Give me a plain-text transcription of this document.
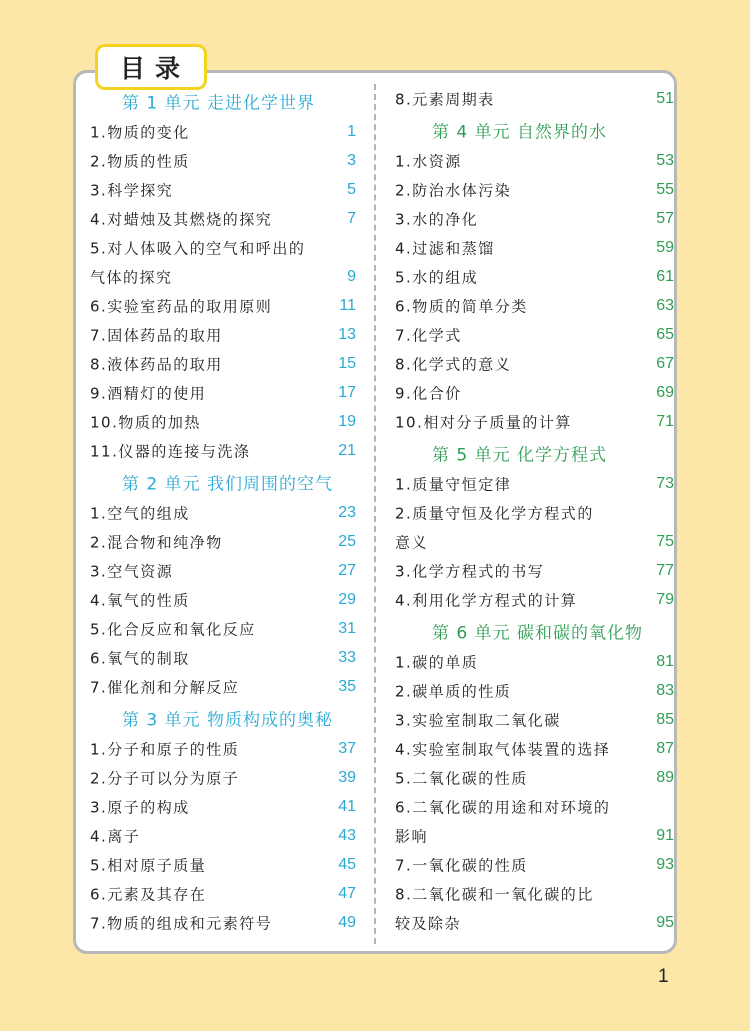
目录
第 1 单元 走进化学世界
1.物质的变化	1
2.物质的性质	3
3.科学探究	5
4.对蜡烛及其燃烧的探究	7
5.对人体吸入的空气和呼出的
气体的探究	9
6.实验室药品的取用原则	11
7.固体药品的取用	13
8.液体药品的取用	15
9.酒精灯的使用	17
10.物质的加热	19
11.仪器的连接与洗涤	21
第 2 单元 我们周围的空气
1.空气的组成	23
2.混合物和纯净物	25
3.空气资源	27
4.氧气的性质	29
5.化合反应和氧化反应	31
6.氧气的制取	33
7.催化剂和分解反应	35
第 3 单元 物质构成的奥秘
1.分子和原子的性质	37
2.分子可以分为原子	39
3.原子的构成	41
4.离子	43
5.相对原子质量	45
6.元素及其存在	47
7.物质的组成和元素符号	49
8.元素周期表	51
第 4 单元 自然界的水
1.水资源	53
2.防治水体污染	55
3.水的净化	57
4.过滤和蒸馏	59
5.水的组成	61
6.物质的简单分类	63
7.化学式	65
8.化学式的意义	67
9.化合价	69
10.相对分子质量的计算	71
第 5 单元 化学方程式
1.质量守恒定律	73
2.质量守恒及化学方程式的
意义	75
3.化学方程式的书写	77
4.利用化学方程式的计算	79
第 6 单元 碳和碳的氧化物
1.碳的单质	81
2.碳单质的性质	83
3.实验室制取二氧化碳	85
4.实验室制取气体装置的选择	87
5.二氧化碳的性质	89
6.二氧化碳的用途和对环境的
影响	91
7.一氧化碳的性质	93
8.二氧化碳和一氧化碳的比
较及除杂	95
1
